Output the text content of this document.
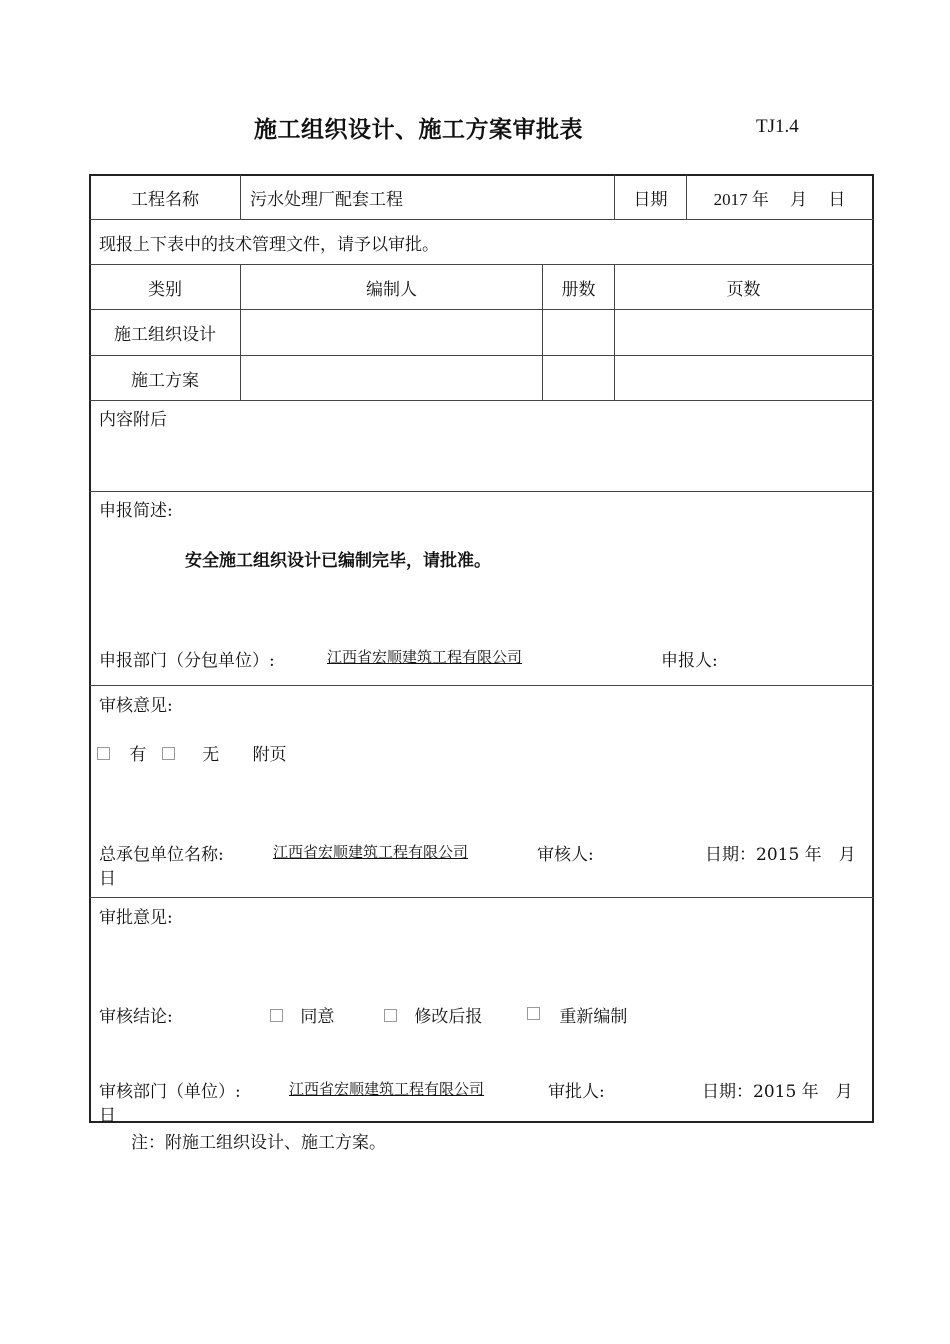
施工组织设计、施工方案审批表	TJ1.4
工程名称	污水处理厂配套工程	日期	2017 年　 月　 日
现报上下表中的技术管理文件，请予以审批。
类别	编制人	册数	页数
施工组织设计
施工方案
内容附后
申报简述:
安全施工组织设计已编制完毕，请批准。
申报部门（分包单位）:	江西省宏顺建筑工程有限公司	申报人:
审核意见:
有	无 附页
总承包单位名称:	江西省宏顺建筑工程有限公司	审核人:	日期：2015 年　月
日
审批意见:
审核结论:	同意	修改后报	重新编制
审核部门（单位）:	江西省宏顺建筑工程有限公司	审批人:	日期：2015 年　月
日
注：附施工组织设计、施工方案。
